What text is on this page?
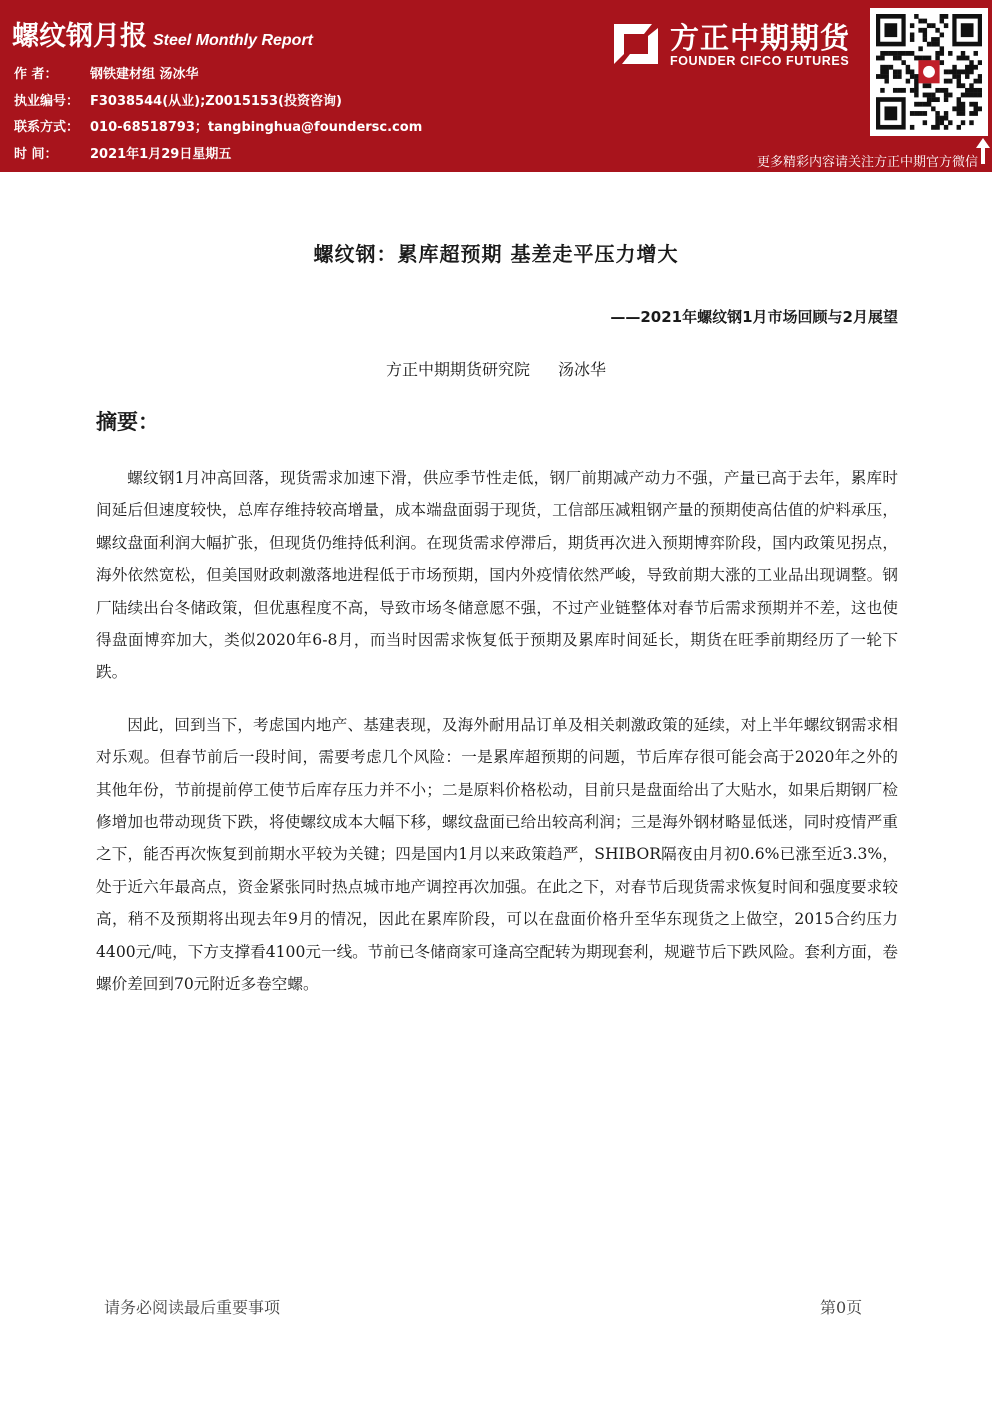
螺纹钢月报 Steel Monthly Report
作 者： 钢铁建材组 汤冰华
执业编号： F3038544(从业);Z0015153(投资咨询)
联系方式： 010-68518793；tangbinghua@foundersc.com
时 间： 2021年1月29日星期五
方正中期期货
FOUNDER CIFCO FUTURES
更多精彩内容请关注方正中期官方微信
螺纹钢：累库超预期 基差走平压力增大
——2021年螺纹钢1月市场回顾与2月展望
方正中期期货研究院 汤冰华
摘要：

螺纹钢1月冲高回落，现货需求加速下滑，供应季节性走低，钢厂前期减产动力不强，产量已高于去年，累库时间延后但速度较快，总库存维持较高增量，成本端盘面弱于现货，工信部压减粗钢产量的预期使高估值的炉料承压，螺纹盘面利润大幅扩张，但现货仍维持低利润。在现货需求停滞后，期货再次进入预期博弈阶段，国内政策见拐点，海外依然宽松，但美国财政刺激落地进程低于市场预期，国内外疫情依然严峻，导致前期大涨的工业品出现调整。钢厂陆续出台冬储政策，但优惠程度不高，导致市场冬储意愿不强，不过产业链整体对春节后需求预期并不差，这也使得盘面博弈加大，类似2020年6-8月，而当时因需求恢复低于预期及累库时间延长，期货在旺季前期经历了一轮下跌。

因此，回到当下，考虑国内地产、基建表现，及海外耐用品订单及相关刺激政策的延续，对上半年螺纹钢需求相对乐观。但春节前后一段时间，需要考虑几个风险：一是累库超预期的问题，节后库存很可能会高于2020年之外的其他年份，节前提前停工使节后库存压力并不小；二是原料价格松动，目前只是盘面给出了大贴水，如果后期钢厂检修增加也带动现货下跌，将使螺纹成本大幅下移，螺纹盘面已给出较高利润；三是海外钢材略显低迷，同时疫情严重之下，能否再次恢复到前期水平较为关键；四是国内1月以来政策趋严，SHIBOR隔夜由月初0.6%已涨至近3.3%，处于近六年最高点，资金紧张同时热点城市地产调控再次加强。在此之下，对春节后现货需求恢复时间和强度要求较高，稍不及预期将出现去年9月的情况，因此在累库阶段，可以在盘面价格升至华东现货之上做空，2015合约压力4400元/吨，下方支撑看4100元一线。节前已冬储商家可逢高空配转为期现套利，规避节后下跌风险。套利方面，卷螺价差回到70元附近多卷空螺。

请务必阅读最后重要事项	第0页
